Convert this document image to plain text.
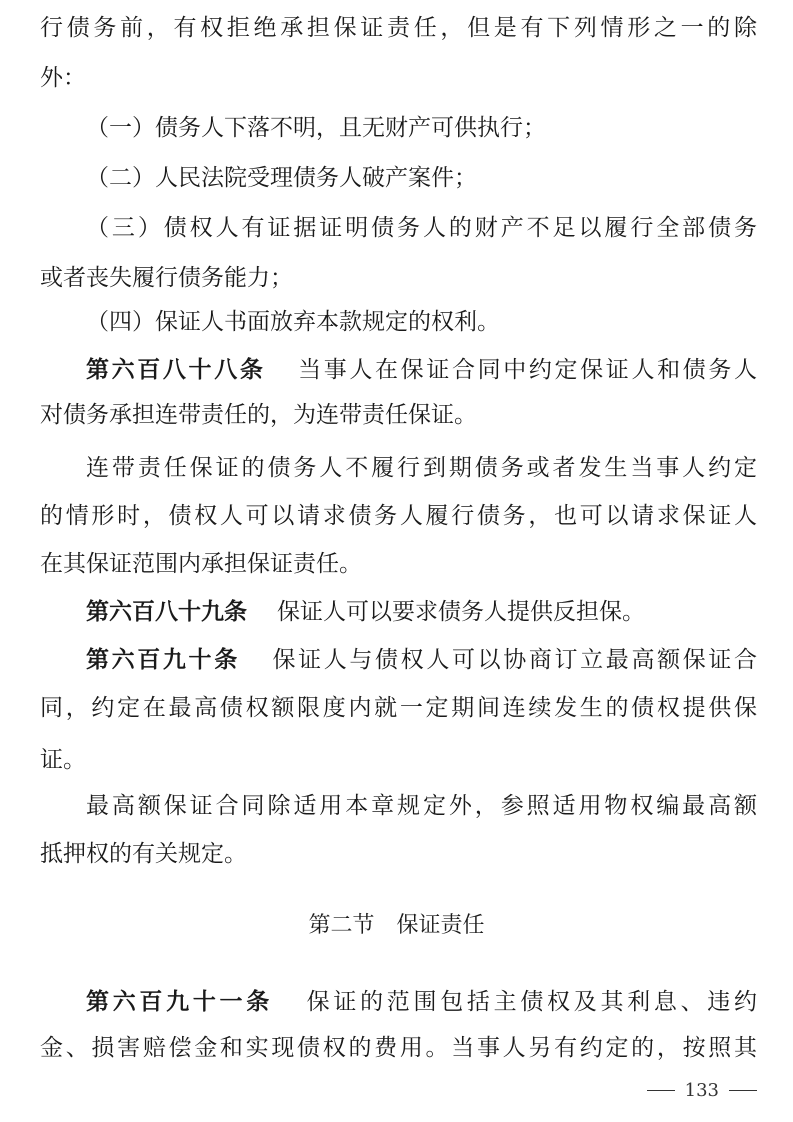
行债务前，有权拒绝承担保证责任，但是有下列情形之一的除
外：
（一）债务人下落不明，且无财产可供执行；
（二）人民法院受理债务人破产案件；
（三）债权人有证据证明债务人的财产不足以履行全部债务
或者丧失履行债务能力；
（四）保证人书面放弃本款规定的权利。
第六百八十八条 当事人在保证合同中约定保证人和债务人
对债务承担连带责任的，为连带责任保证。
连带责任保证的债务人不履行到期债务或者发生当事人约定
的情形时，债权人可以请求债务人履行债务，也可以请求保证人
在其保证范围内承担保证责任。
第六百八十九条 保证人可以要求债务人提供反担保。
第六百九十条 保证人与债权人可以协商订立最高额保证合
同，约定在最高债权额限度内就一定期间连续发生的债权提供保
证。
最高额保证合同除适用本章规定外，参照适用物权编最高额
抵押权的有关规定。
第二节　保证责任
第六百九十一条 保证的范围包括主债权及其利息、违约
金、损害赔偿金和实现债权的费用。当事人另有约定的，按照其
133
